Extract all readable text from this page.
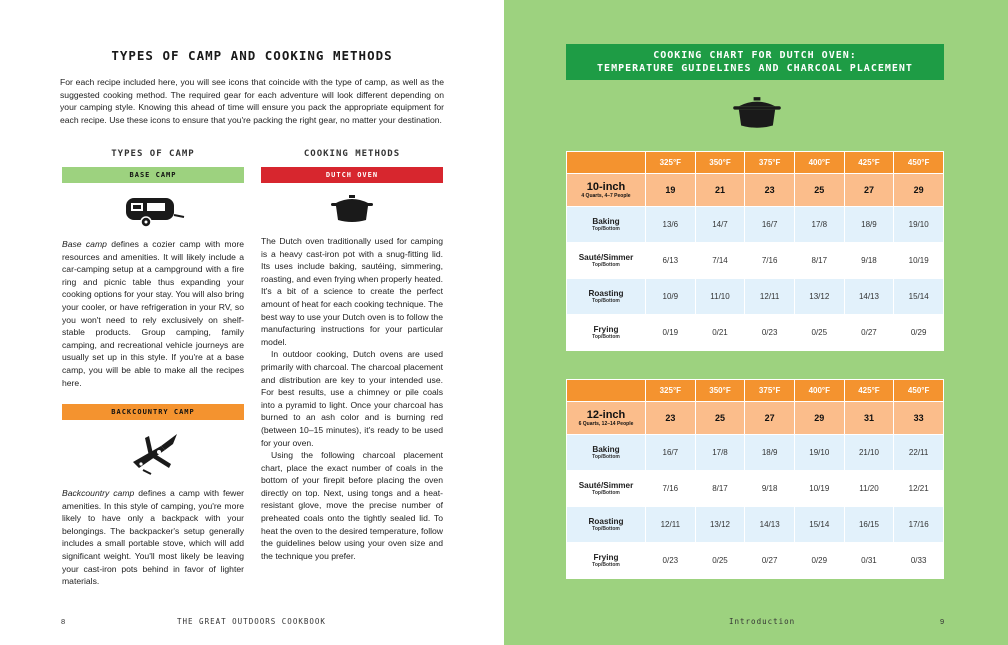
TYPES OF CAMP AND COOKING METHODS
For each recipe included here, you will see icons that coincide with the type of camp, as well as the suggested cooking method. The required gear for each adventure will look different depending on your camping style. Knowing this ahead of time will ensure you pack the appropriate equipment for each recipe. Use these icons to ensure that you're packing the right gear, no matter your destination.
TYPES OF CAMP	COOKING METHODS
BASE CAMP	DUTCH OVEN
Base camp defines a cozier camp with more resources and amenities. It will likely include a car-camping setup at a campground with a fire ring and picnic table thus expanding your cooking options for your stay. You will also bring your cooler, or have refrigeration in your RV, so you won't need to rely exclusively on shelf-stable products. Group camping, family camping, and recreational vehicle journeys are usually set up in this style. If you're at a base camp, you will be able to make all the recipes here.
BACKCOUNTRY CAMP
Backcountry camp defines a camp with fewer amenities. In this style of camping, you're more likely to have only a backpack with your belongings. The backpacker's setup generally includes a small portable stove, which will add significant weight. You'll most likely be leaving your cast-iron pots behind in favor of lighter materials.

The Dutch oven traditionally used for camping is a heavy cast-iron pot with a snug-fitting lid. Its uses include baking, sautéing, simmering, roasting, and even frying when properly heated. It's a bit of a science to create the perfect amount of heat for each cooking technique. The best way to use your Dutch oven is to follow the manufacturing instructions for your particular model.

In outdoor cooking, Dutch ovens are used primarily with charcoal. The charcoal placement and distribution are key to your intended use. For best results, use a chimney or pile coals into a pyramid to light. Once your charcoal has burned to an ash color and is burning red (between 10–15 minutes), it's ready to be used for your oven.

Using the following charcoal placement chart, place the exact number of coals in the bottom of your firepit before placing the oven directly on top. Next, using tongs and a heat-resistant glove, move the precise number of preheated coals onto the tightly sealed lid. To heat the oven to the desired temperature, follow the guidelines below using your oven size and the technique you prefer.

8	THE GREAT OUTDOORS COOKBOOK
COOKING CHART FOR DUTCH OVEN:
TEMPERATURE GUIDELINES AND CHARCOAL PLACEMENT
	325°F	350°F	375°F	400°F	425°F	450°F

10-inch
4 Quarts, 4–7 People	19	21	23	25	27	29

Baking
Top/Bottom	13/6	14/7	16/7	17/8	18/9	19/10

Sauté/Simmer
Top/Bottom	6/13	7/14	7/16	8/17	9/18	10/19

Roasting
Top/Bottom	10/9	11/10	12/11	13/12	14/13	15/14

Frying
Top/Bottom	0/19	0/21	0/23	0/25	0/27	0/29
	325°F	350°F	375°F	400°F	425°F	450°F

12-inch
6 Quarts, 12–14 People	23	25	27	29	31	33

Baking
Top/Bottom	16/7	17/8	18/9	19/10	21/10	22/11

Sauté/Simmer
Top/Bottom	7/16	8/17	9/18	10/19	11/20	12/21

Roasting
Top/Bottom	12/11	13/12	14/13	15/14	16/15	17/16

Frying
Top/Bottom	0/23	0/25	0/27	0/29	0/31	0/33
Introduction	9
